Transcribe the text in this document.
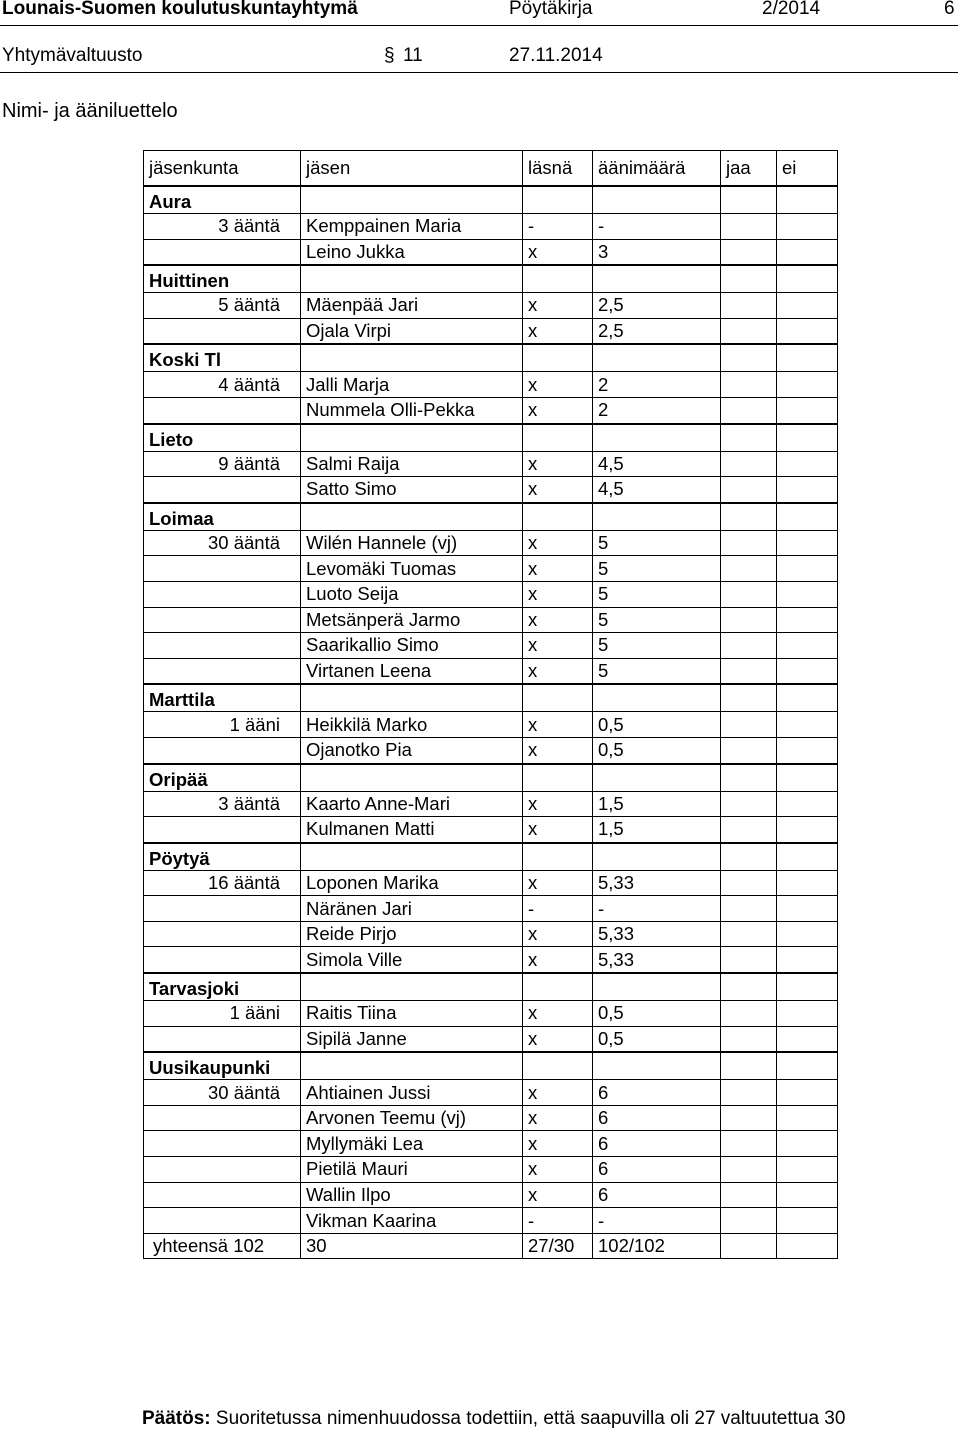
Lounais-Suomen koulutuskuntayhtymä	Pöytäkirja	2/2014	6
Yhtymävaltuusto	§ 11	27.11.2014
Nimi- ja ääniluettelo
jäsenkunta	jäsen	läsnä	äänimäärä	jaa	ei
Aura					
3 ääntä	Kemppainen Maria	-	-		
	Leino Jukka	x	3		
Huittinen					
5 ääntä	Mäenpää Jari	x	2,5		
	Ojala Virpi	x	2,5		
Koski Tl					
4 ääntä	Jalli Marja	x	2		
	Nummela Olli-Pekka	x	2		
Lieto					
9 ääntä	Salmi Raija	x	4,5		
	Satto Simo	x	4,5		
Loimaa					
30 ääntä	Wilén Hannele (vj)	x	5		
	Levomäki Tuomas	x	5		
	Luoto Seija	x	5		
	Metsänperä Jarmo	x	5		
	Saarikallio Simo	x	5		
	Virtanen Leena	x	5		
Marttila					
1 ääni	Heikkilä Marko	x	0,5		
	Ojanotko Pia	x	0,5		
Oripää					
3 ääntä	Kaarto Anne-Mari	x	1,5		
	Kulmanen Matti	x	1,5		
Pöytyä					
16 ääntä	Loponen Marika	x	5,33		
	Näränen Jari	-	-		
	Reide Pirjo	x	5,33		
	Simola Ville	x	5,33		
Tarvasjoki					
1 ääni	Raitis Tiina	x	0,5		
	Sipilä Janne	x	0,5		
Uusikaupunki					
30 ääntä	Ahtiainen Jussi	x	6		
	Arvonen Teemu (vj)	x	6		
	Myllymäki Lea	x	6		
	Pietilä Mauri	x	6		
	Wallin Ilpo	x	6		
	Vikman Kaarina	-	-		
yhteensä 102	30	27/30	102/102		
Päätös: Suoritetussa nimenhuudossa todettiin, että saapuvilla oli 27 valtuutettua 30
